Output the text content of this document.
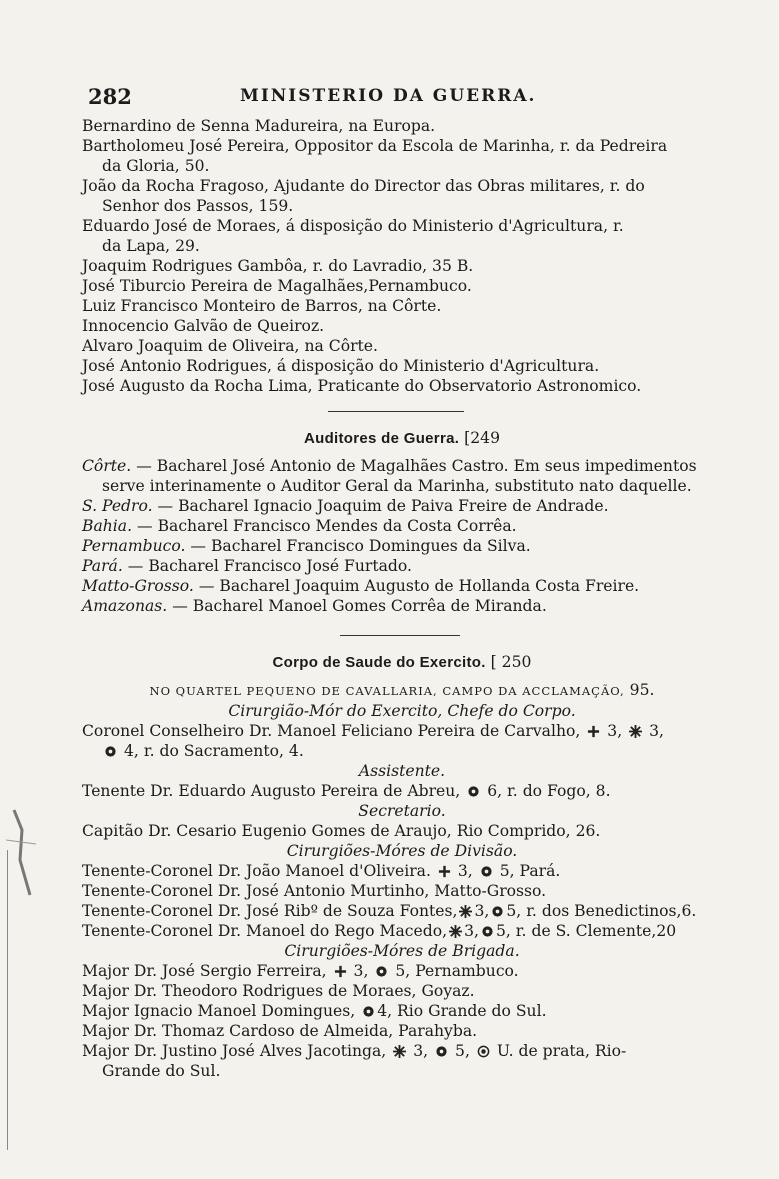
282	MINISTERIO DA GUERRA.

Bernardino de Senna Madureira, na Europa.

Bartholomeu José Pereira, Oppositor da Escola de Marinha, r. da Pedreira

da Gloria, 50.

João da Rocha Fragoso, Ajudante do Director das Obras militares, r. do

Senhor dos Passos, 159.

Eduardo José de Moraes, á disposição do Ministerio d'Agricultura, r.

da Lapa, 29.

Joaquim Rodrigues Gambôa, r. do Lavradio, 35 B.

José Tiburcio Pereira de Magalhães,Pernambuco.

Luiz Francisco Monteiro de Barros, na Côrte.

Innocencio Galvão de Queiroz.

Alvaro Joaquim de Oliveira, na Côrte.

José Antonio Rodrigues, á disposição do Ministerio d'Agricultura.

José Augusto da Rocha Lima, Praticante do Observatorio Astronomico.

Auditores de Guerra. [249

Côrte. — Bacharel José Antonio de Magalhães Castro. Em seus impedimentos

serve interinamente o Auditor Geral da Marinha, substituto nato daquelle.

S. Pedro. — Bacharel Ignacio Joaquim de Paiva Freire de Andrade.

Bahia. — Bacharel Francisco Mendes da Costa Corrêa.

Pernambuco. — Bacharel Francisco Domingues da Silva.

Pará. — Bacharel Francisco José Furtado.

Matto-Grosso. — Bacharel Joaquim Augusto de Hollanda Costa Freire.

Amazonas. — Bacharel Manoel Gomes Corrêa de Miranda.

Corpo de Saude do Exercito. [ 250

NO QUARTEL PEQUENO DE CAVALLARIA, CAMPO DA ACCLAMAÇÃO, 95.

Cirurgião-Mór do Exercito, Chefe do Corpo.

Coronel Conselheiro Dr. Manoel Feliciano Pereira de Carvalho, 3, 3,

4, r. do Sacramento, 4.

Assistente.

Tenente Dr. Eduardo Augusto Pereira de Abreu, 6, r. do Fogo, 8.

Secretario.

Capitão Dr. Cesario Eugenio Gomes de Araujo, Rio Comprido, 26.

Cirurgiões-Móres de Divisão.

Tenente-Coronel Dr. João Manoel d'Oliveira. 3, 5, Pará.

Tenente-Coronel Dr. José Antonio Murtinho, Matto-Grosso.

Tenente-Coronel Dr. José Ribº de Souza Fontes, 3, 5, r. dos Benedictinos,6.

Tenente-Coronel Dr. Manoel do Rego Macedo, 3, 5, r. de S. Clemente,20

Cirurgiões-Móres de Brigada.

Major Dr. José Sergio Ferreira, 3, 5, Pernambuco.

Major Dr. Theodoro Rodrigues de Moraes, Goyaz.

Major Ignacio Manoel Domingues, 4, Rio Grande do Sul.

Major Dr. Thomaz Cardoso de Almeida, Parahyba.

Major Dr. Justino José Alves Jacotinga, 3, 5, U. de prata, Rio-

Grande do Sul.
